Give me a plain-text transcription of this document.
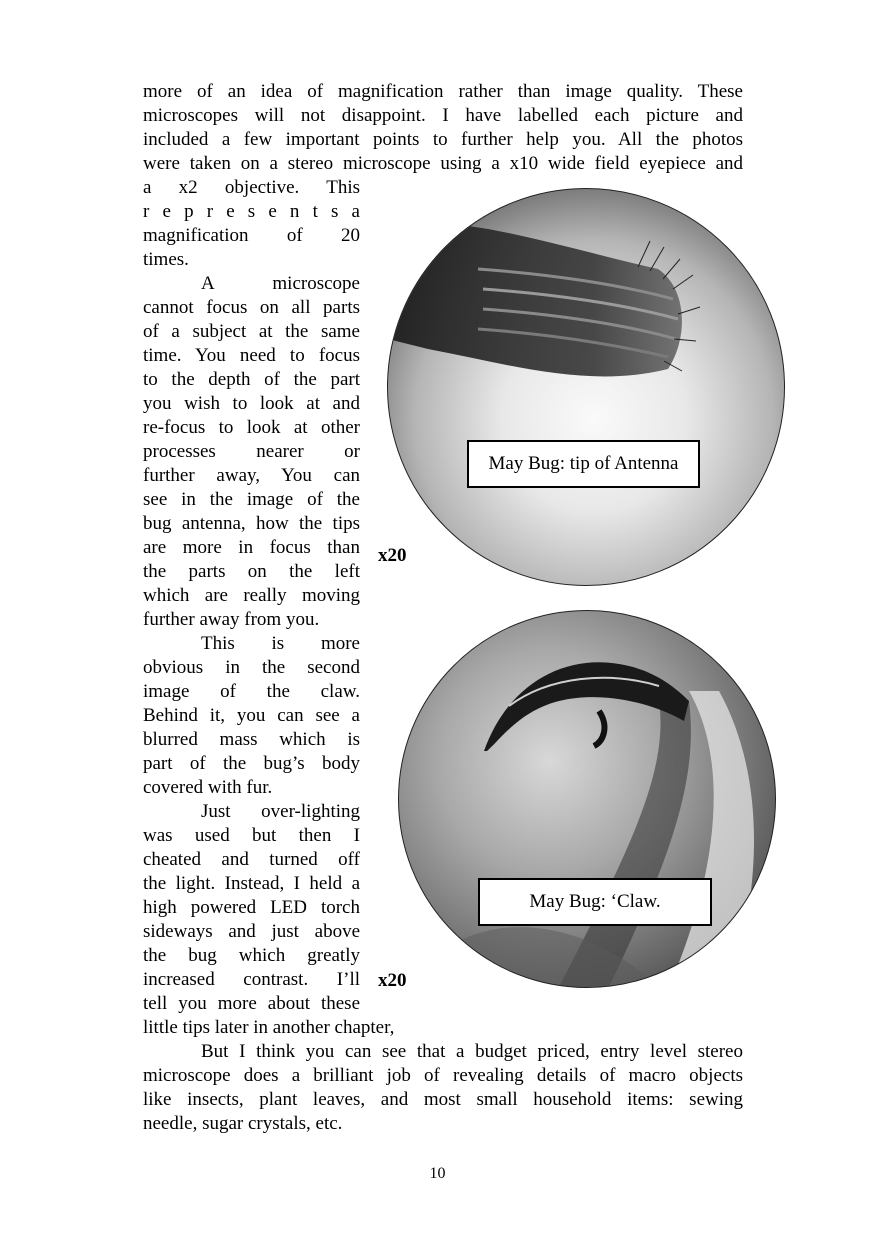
more of an idea of magnification rather than image quality. These
microscopes will not disappoint. I have labelled each picture and
included a few important points to further help you. All the photos
were taken on a stereo microscope using a x10 wide field eyepiece and
a x2 objective. This
r e p r e s e n t s a
magnification of 20
times.
A microscope
cannot focus on all parts
of a subject at the same
time. You need to focus
to the depth of the part
you wish to look at and
re-focus to look at other
processes nearer or
further away, You can
see in the image of the
bug antenna, how the tips
are more in focus than
the parts on the left
which are really moving
further away from you.
This is more
obvious in the second
image of the claw.
Behind it, you can see a
blurred mass which is
part of the bug’s body
covered with fur.
Just over-lighting
was used but then I
cheated and turned off
the light. Instead, I held a
high powered LED torch
sideways and just above
the bug which greatly
increased contrast. I’ll
tell you more about these
little tips later in another chapter,
May Bug: tip of Antenna
x20
May Bug: ‘Claw.
x20
But I think you can see that a budget priced, entry level stereo
microscope does a brilliant job of revealing details of macro objects
like insects, plant leaves, and most small household items: sewing
needle, sugar crystals, etc.
10
